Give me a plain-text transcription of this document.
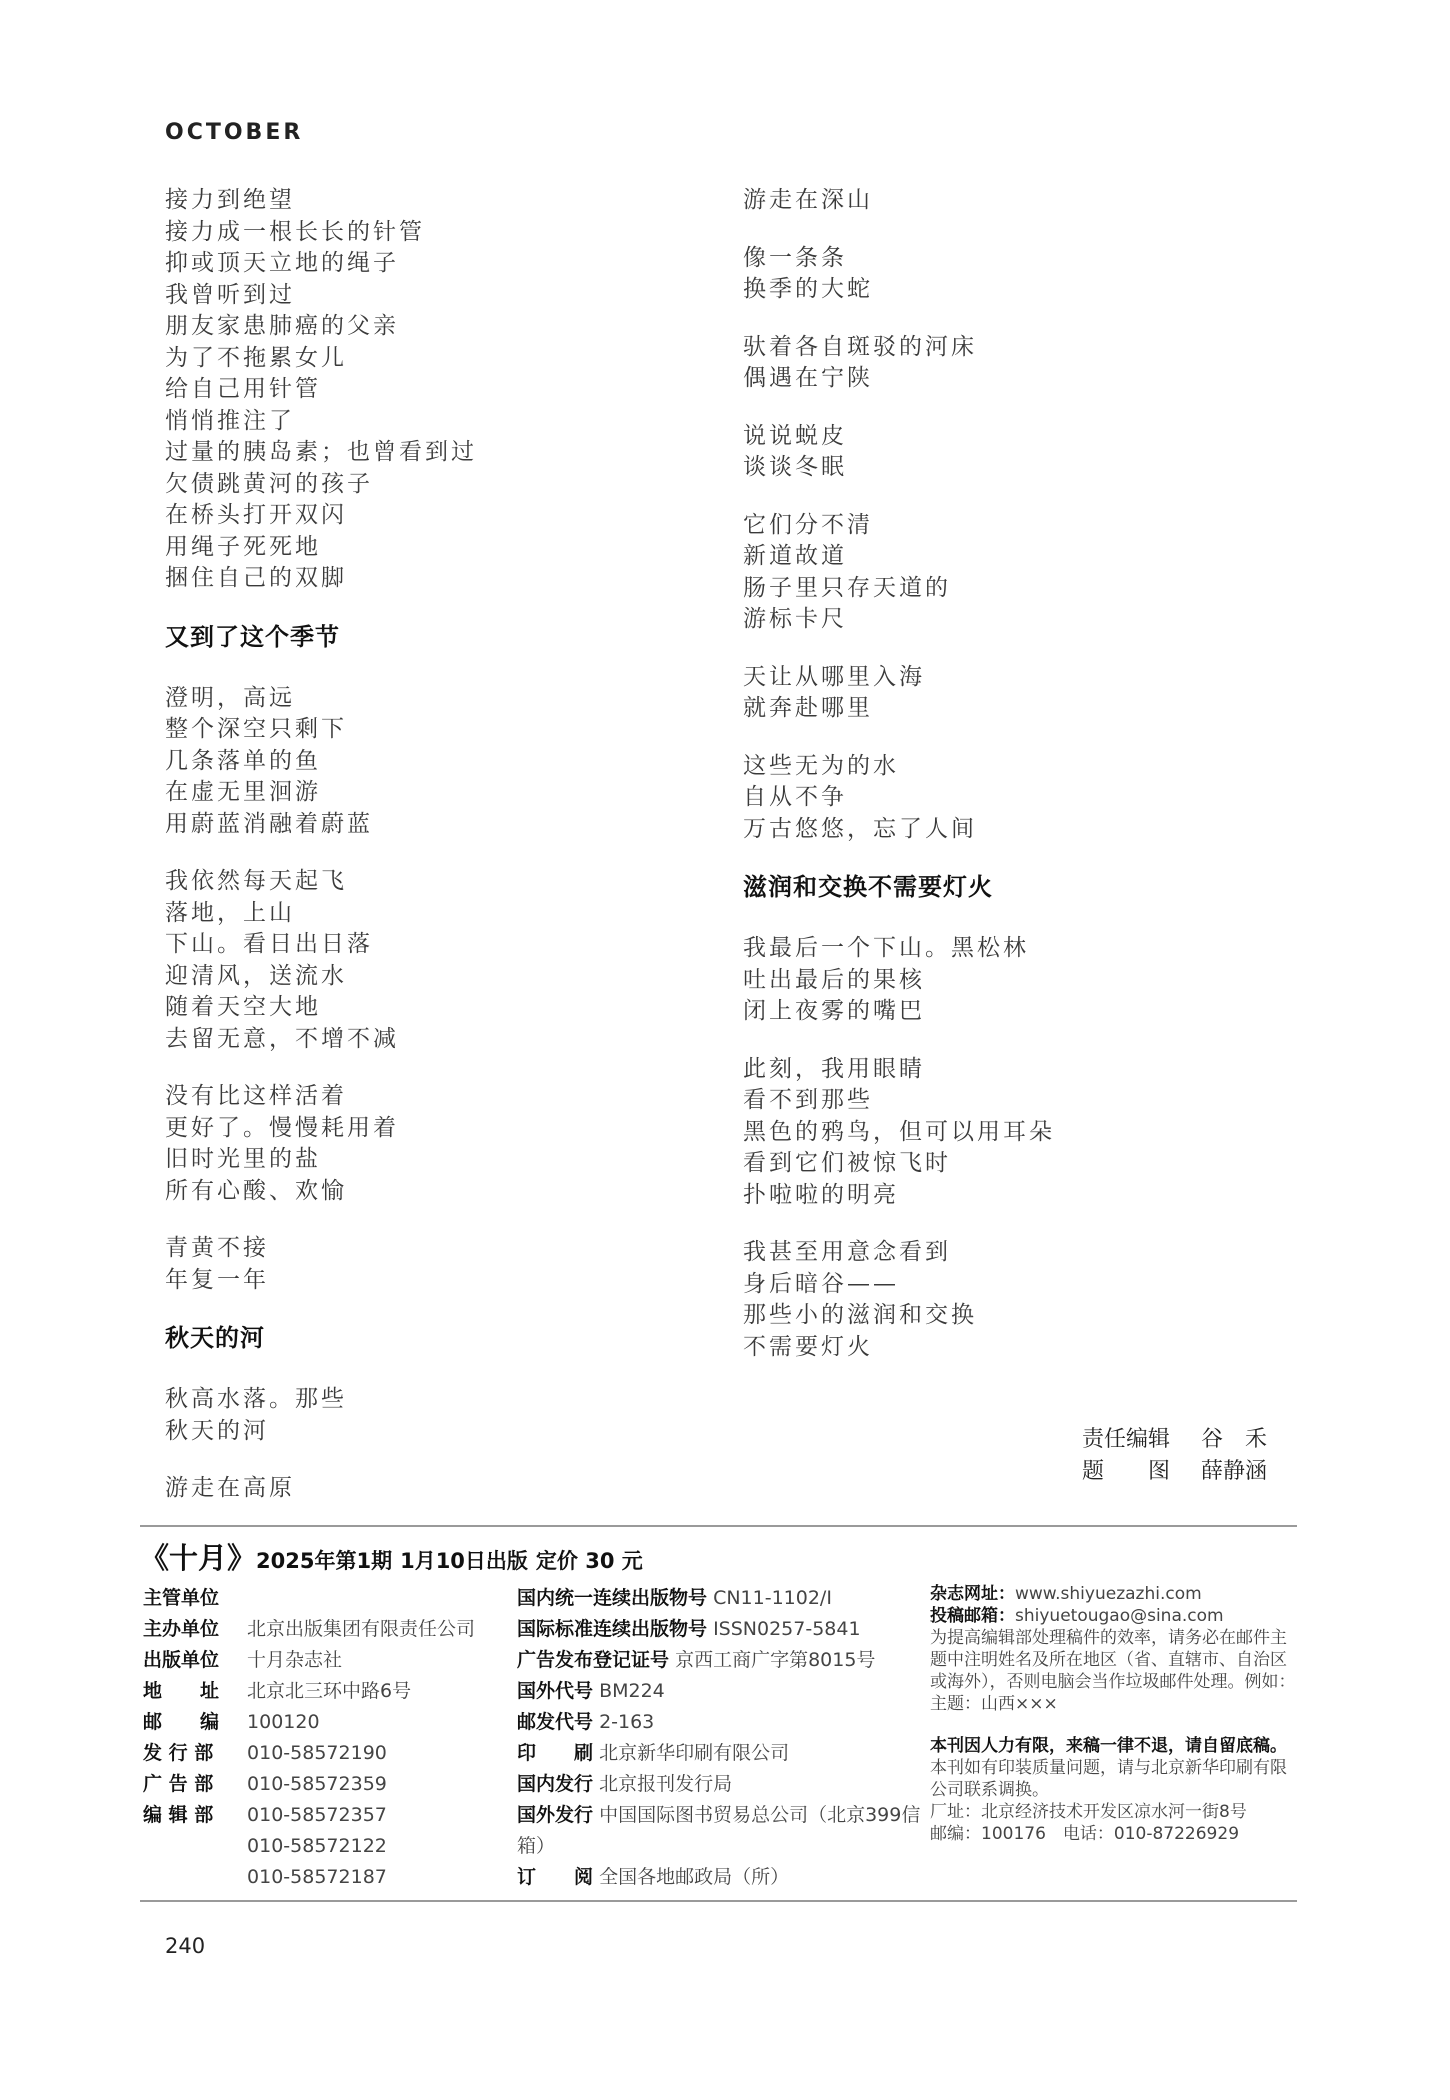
OCTOBER
接力到绝望
接力成一根长长的针管
抑或顶天立地的绳子
我曾听到过
朋友家患肺癌的父亲
为了不拖累女儿
给自己用针管
悄悄推注了
过量的胰岛素；也曾看到过
欠债跳黄河的孩子
在桥头打开双闪
用绳子死死地
捆住自己的双脚
又到了这个季节
澄明，高远
整个深空只剩下
几条落单的鱼
在虚无里洄游
用蔚蓝消融着蔚蓝
我依然每天起飞
落地，上山
下山。看日出日落
迎清风，送流水
随着天空大地
去留无意，不增不减
没有比这样活着
更好了。慢慢耗用着
旧时光里的盐
所有心酸、欢愉
青黄不接
年复一年
秋天的河
秋高水落。那些
秋天的河
游走在高原
游走在深山
像一条条
换季的大蛇
驮着各自斑驳的河床
偶遇在宁陕
说说蜕皮
谈谈冬眠
它们分不清
新道故道
肠子里只存天道的
游标卡尺
天让从哪里入海
就奔赴哪里
这些无为的水
自从不争
万古悠悠，忘了人间
滋润和交换不需要灯火
我最后一个下山。黑松林
吐出最后的果核
闭上夜雾的嘴巴
此刻，我用眼睛
看不到那些
黑色的鸦鸟，但可以用耳朵
看到它们被惊飞时
扑啦啦的明亮
我甚至用意念看到
身后暗谷——
那些小的滋润和交换
不需要灯火
责任编辑 谷　禾
题　　图 薛静涵
《十月》2025年第1期 1月10日出版 定价 30 元
主管单位
主办单位 北京出版集团有限责任公司
出版单位 十月杂志社
地　　址 北京北三环中路6号
邮　　编 100120
发 行 部 010-58572190
广 告 部 010-58572359
编 辑 部 010-58572357
010-58572122
010-58572187
国内统一连续出版物号 CN11-1102/I
国际标准连续出版物号 ISSN0257-5841
广告发布登记证号 京西工商广字第8015号
国外代号 BM224
邮发代号 2-163
印　　刷 北京新华印刷有限公司
国内发行 北京报刊发行局
国外发行 中国国际图书贸易总公司（北京399信箱）
订　　阅 全国各地邮政局（所）
杂志网址：www.shiyuezazhi.com
投稿邮箱：shiyuetougao@sina.com
为提高编辑部处理稿件的效率，请务必在邮件主题中注明姓名及所在地区（省、直辖市、自治区或海外），否则电脑会当作垃圾邮件处理。例如：主题：山西×××
本刊因人力有限，来稿一律不退，请自留底稿。
本刊如有印装质量问题，请与北京新华印刷有限公司联系调换。
厂址：北京经济技术开发区凉水河一街8号
邮编：100176　电话：010-87226929
240
